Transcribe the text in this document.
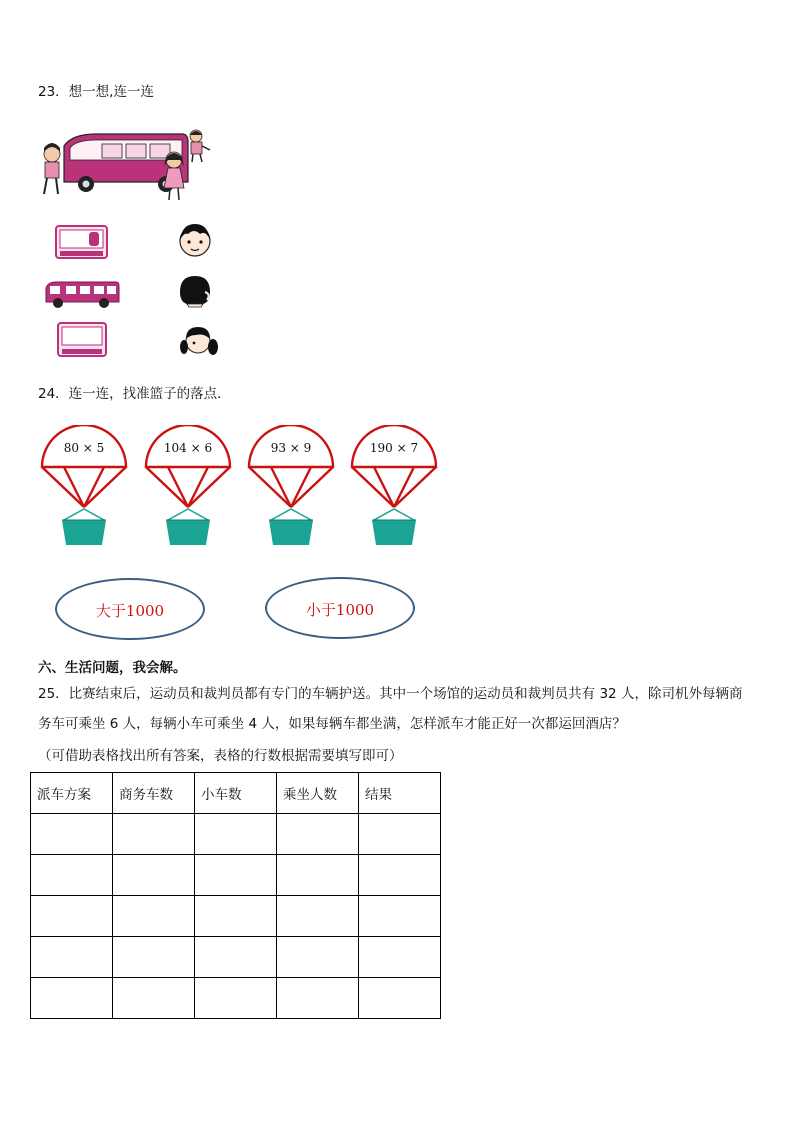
23．想一想,连一连
24．连一连，找准篮子的落点．
80 × 5	104 × 6	93 × 9	190 × 7
大于1000	小于1000
六、生活问题，我会解。
25．比赛结束后，运动员和裁判员都有专门的车辆护送。其中一个场馆的运动员和裁判员共有 32 人，除司机外每辆商
务车可乘坐 6 人，每辆小车可乘坐 4 人，如果每辆车都坐满，怎样派车才能正好一次都运回酒店？
（可借助表格找出所有答案，表格的行数根据需要填写即可）
派车方案	商务车数	小车数	乘坐人数	结果
